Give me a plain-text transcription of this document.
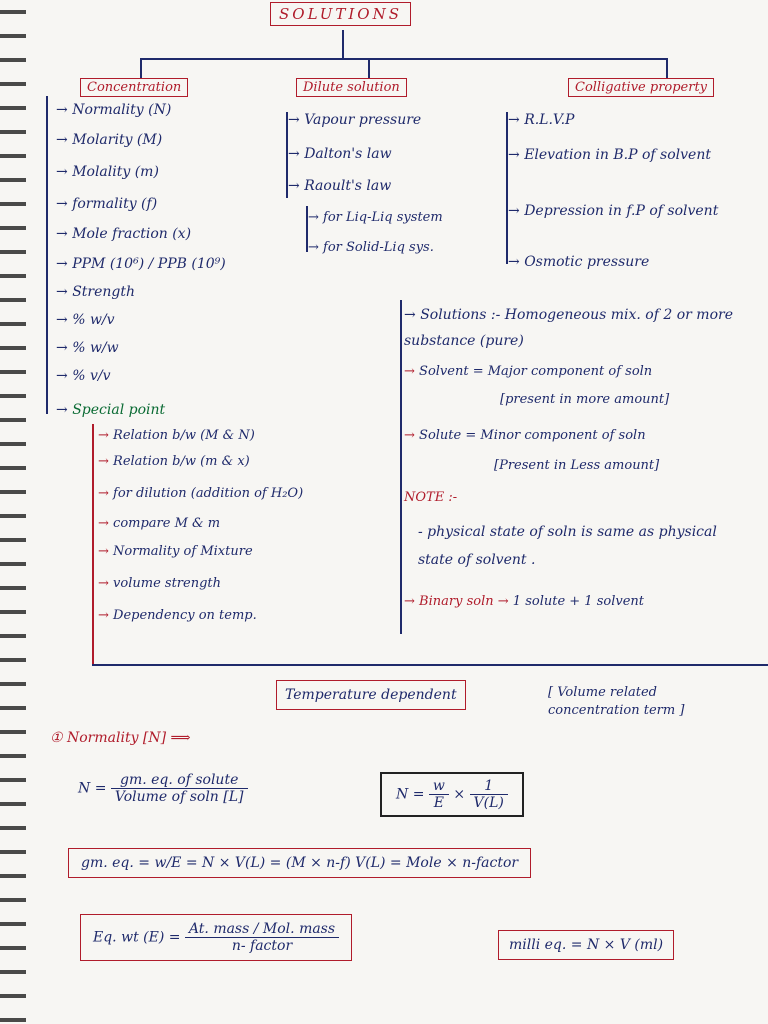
SOLUTIONS
Concentration	Dilute solution	Colligative property
→ Normality (N)
→ Molarity (M)
→ Molality (m)
→ formality (f)
→ Mole fraction (x)
→ PPM (10⁶) / PPB (10⁹)
→ Strength
→ % w/v
→ % w/w
→ % v/v
→ Special point
→ Relation b/w (M & N)
→ Relation b/w (m & x)
→ for dilution (addition of H₂O)
→ compare M & m
→ Normality of Mixture
→ volume strength
→ Dependency on temp.
→ Vapour pressure
→ Dalton's law
→ Raoult's law
→ for Liq-Liq system
→ for Solid-Liq sys.
→ R.L.V.P
→ Elevation in B.P of solvent
→ Depression in f.P of solvent
→ Osmotic pressure
→ Solutions :- Homogeneous mix. of 2 or more substance (pure)
→ Solvent = Major component of soln
[present in more amount]
→ Solute = Minor component of soln
[Present in Less amount]
NOTE :-
- physical state of soln is same as physical state of solvent .
→ Binary soln → 1 solute + 1 solvent
Temperature dependent	[ Volume related concentration term ]
① Normality [N] ⟹
$N = \frac{\text{gm. eq. of solute}}{\text{Volume of soln [L]}}$	$N = \frac{w}{E} \times \frac{1}{V(L)}$
gm. eq. = w/E = N × V(L) = (M × n-f) V(L) = Mole × n-factor
Eq. wt $(E) = \frac{\text{At. mass / Mol. mass}}{\text{n- factor}}$	milli eq. = N × V (ml)
